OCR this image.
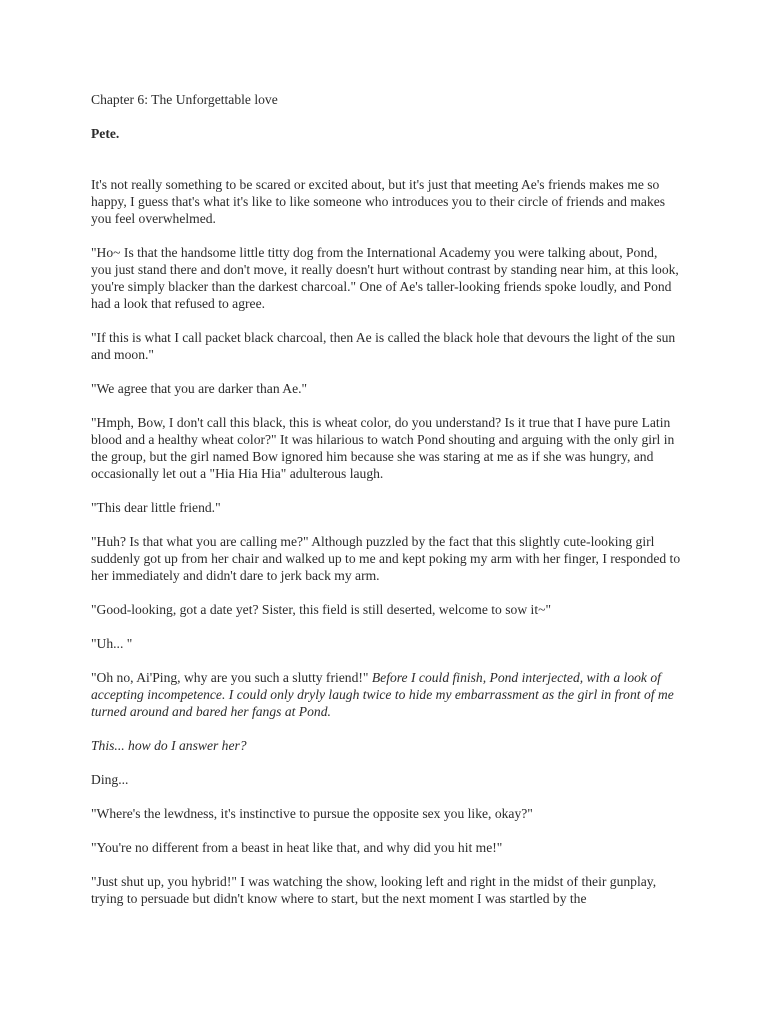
Chapter 6: The Unforgettable love

Pete.

It's not really something to be scared or excited about, but it's just that meeting Ae's friends makes me so happy, I guess that's what it's like to like someone who introduces you to their circle of friends and makes you feel overwhelmed.

"Ho~ Is that the handsome little titty dog from the International Academy you were talking about, Pond, you just stand there and don't move, it really doesn't hurt without contrast by standing near him, at this look, you're simply blacker than the darkest charcoal." One of Ae's taller-looking friends spoke loudly, and Pond had a look that refused to agree.

"If this is what I call packet black charcoal, then Ae is called the black hole that devours the light of the sun and moon."

"We agree that you are darker than Ae."

"Hmph, Bow, I don't call this black, this is wheat color, do you understand? Is it true that I have pure Latin blood and a healthy wheat color?" It was hilarious to watch Pond shouting and arguing with the only girl in the group, but the girl named Bow ignored him because she was staring at me as if she was hungry, and occasionally let out a "Hia Hia Hia" adulterous laugh.

"This dear little friend."

"Huh? Is that what you are calling me?" Although puzzled by the fact that this slightly cute-looking girl suddenly got up from her chair and walked up to me and kept poking my arm with her finger, I responded to her immediately and didn't dare to jerk back my arm.

"Good-looking, got a date yet? Sister, this field is still deserted, welcome to sow it~"

"Uh... "

"Oh no, Ai'Ping, why are you such a slutty friend!" Before I could finish, Pond interjected, with a look of accepting incompetence. I could only dryly laugh twice to hide my embarrassment as the girl in front of me turned around and bared her fangs at Pond.

This... how do I answer her?

Ding...

"Where's the lewdness, it's instinctive to pursue the opposite sex you like, okay?"

"You're no different from a beast in heat like that, and why did you hit me!"

"Just shut up, you hybrid!" I was watching the show, looking left and right in the midst of their gunplay, trying to persuade but didn't know where to start, but the next moment I was startled by the
